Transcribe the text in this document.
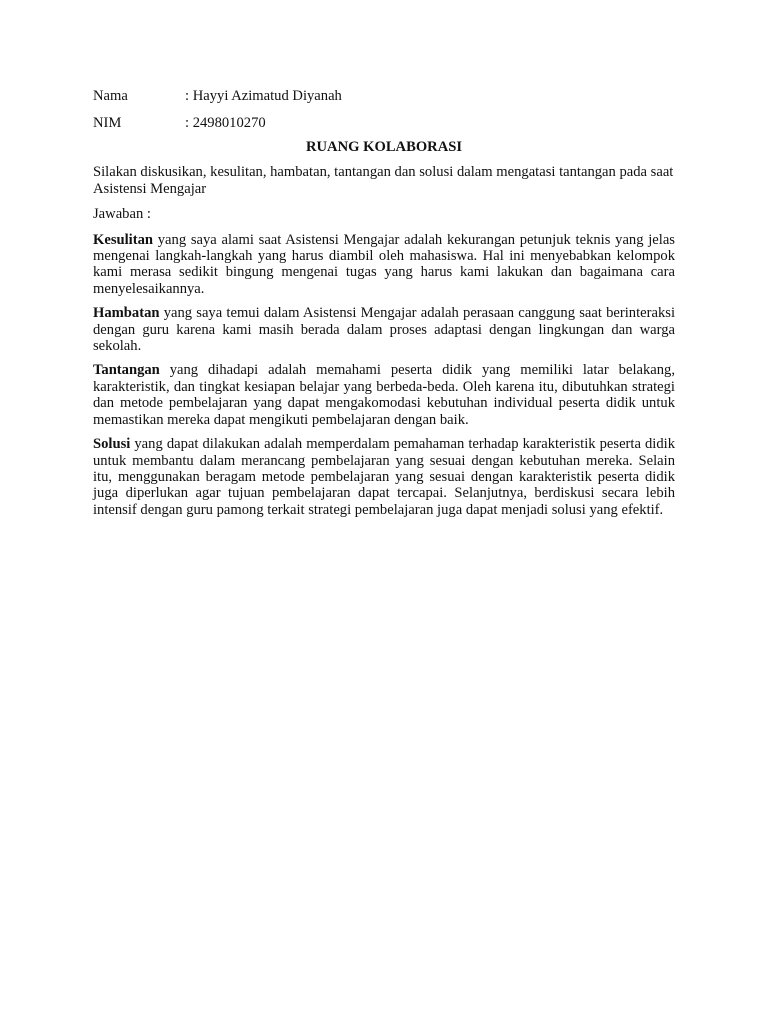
Nama	: Hayyi Azimatud Diyanah
NIM	: 2498010270
RUANG KOLABORASI

Silakan diskusikan, kesulitan, hambatan, tantangan dan solusi dalam mengatasi tantangan pada saat  Asistensi Mengajar

Jawaban :

Kesulitan yang saya alami saat Asistensi Mengajar adalah kekurangan petunjuk teknis yang jelas mengenai langkah-langkah yang harus diambil oleh mahasiswa. Hal ini menyebabkan kelompok kami merasa sedikit bingung mengenai tugas yang harus kami lakukan dan bagaimana cara menyelesaikannya.

Hambatan yang saya temui dalam Asistensi Mengajar adalah perasaan canggung saat berinteraksi dengan guru karena kami masih berada dalam proses adaptasi dengan lingkungan dan warga sekolah.

Tantangan yang dihadapi adalah memahami peserta didik yang memiliki latar belakang, karakteristik, dan tingkat kesiapan belajar yang berbeda-beda. Oleh karena itu, dibutuhkan strategi dan metode pembelajaran yang dapat mengakomodasi kebutuhan individual peserta didik untuk memastikan mereka dapat mengikuti pembelajaran dengan baik.

Solusi yang dapat dilakukan adalah memperdalam pemahaman terhadap karakteristik peserta didik untuk membantu dalam merancang pembelajaran yang sesuai dengan kebutuhan mereka. Selain itu, menggunakan beragam metode pembelajaran yang sesuai dengan karakteristik peserta didik juga diperlukan agar tujuan pembelajaran dapat tercapai. Selanjutnya, berdiskusi secara lebih intensif dengan guru pamong terkait strategi pembelajaran juga dapat menjadi solusi yang efektif.
